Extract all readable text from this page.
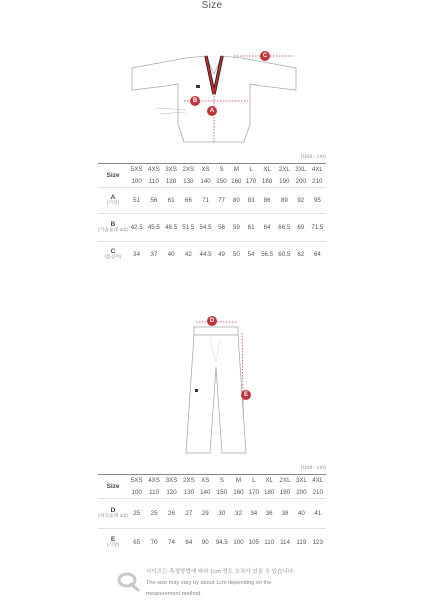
Size
C
B
A
(Unit : cm)
Size	5XS	4XS	3XS	2XS	XS	S	M	L	XL	2XL	3XL	4XL
	100	110	120	130	140	150	160	170	180	190	200	210
A
(기장)	51	56	61	66	71	77	80	83	86	89	92	95
B
(가슴둘레 1/2)	42.5	45.5	48.5	51.5	54.5	56	59	61	64	66.5	69	71.5
C
(몸길이)	34	37	40	42	44.5	49	50	54	56.5	60.5	62	64
D
E
(Unit : cm)
Size	5XS	4XS	3XS	2XS	XS	S	M	L	XL	2XL	3XL	4XL
	100	110	120	130	140	150	160	170	180	190	200	210
D
(허리둘레 1/2)	25	25	26	27	29	30	32	34	36	38	40	41
E
(기장)	65	70	74	84	90	94.5	100	105	110	114	119	123
사이즈는 측정방법에 따라 1cm 정도 오차가 있을 수 있습니다.
The size may vary by about 1cm depending on the
measurement method.
